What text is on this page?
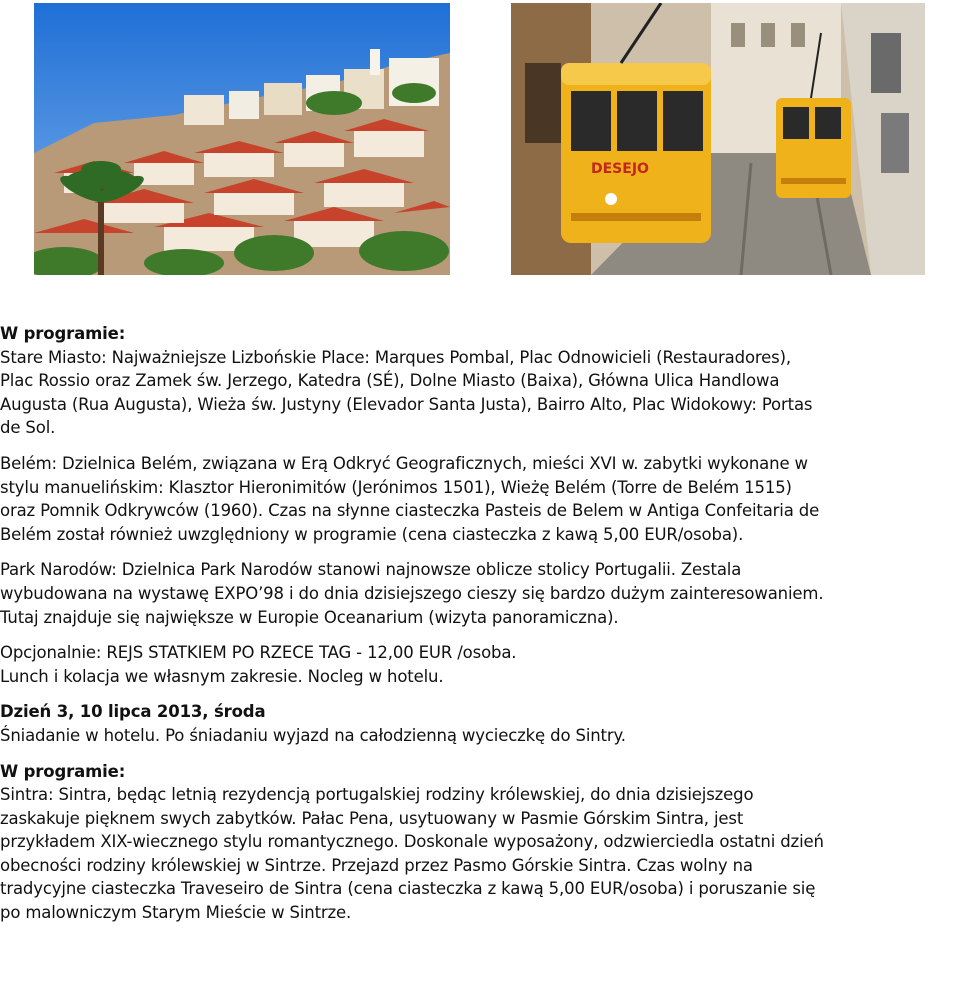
DESEJO
W programie:
Stare Miasto: Najważniejsze Lizbońskie Place: Marques Pombal, Plac Odnowicieli (Restauradores),
Plac Rossio oraz Zamek św. Jerzego, Katedra (SÉ), Dolne Miasto (Baixa), Główna Ulica Handlowa
Augusta (Rua Augusta), Wieża św. Justyny (Elevador Santa Justa), Bairro Alto, Plac Widokowy: Portas
de Sol.
Belém: Dzielnica Belém, związana w Erą Odkryć Geograficznych, mieści XVI w. zabytki wykonane w
stylu manuelińskim: Klasztor Hieronimitów (Jerónimos 1501), Wieżę Belém (Torre de Belém 1515)
oraz Pomnik Odkrywców (1960). Czas na słynne ciasteczka Pasteis de Belem w Antiga Confeitaria de
Belém został również uwzględniony w programie (cena ciasteczka z kawą 5,00 EUR/osoba).
Park Narodów: Dzielnica Park Narodów stanowi najnowsze oblicze stolicy Portugalii. Zestala
wybudowana na wystawę EXPO’98 i do dnia dzisiejszego cieszy się bardzo dużym zainteresowaniem.
Tutaj znajduje się największe w Europie Oceanarium (wizyta panoramiczna).
Opcjonalnie: REJS STATKIEM PO RZECE TAG - 12,00 EUR /osoba.
Lunch i kolacja we własnym zakresie. Nocleg w hotelu.
Dzień 3, 10 lipca 2013, środa
Śniadanie w hotelu. Po śniadaniu wyjazd na całodzienną wycieczkę do Sintry.
W programie:
Sintra: Sintra, będąc letnią rezydencją portugalskiej rodziny królewskiej, do dnia dzisiejszego
zaskakuje pięknem swych zabytków. Pałac Pena, usytuowany w Pasmie Górskim Sintra, jest
przykładem XIX-wiecznego stylu romantycznego. Doskonale wyposażony, odzwierciedla ostatni dzień
obecności rodziny królewskiej w Sintrze. Przejazd przez Pasmo Górskie Sintra. Czas wolny na
tradycyjne ciasteczka Traveseiro de Sintra (cena ciasteczka z kawą 5,00 EUR/osoba) i poruszanie się
po malowniczym Starym Mieście w Sintrze.
